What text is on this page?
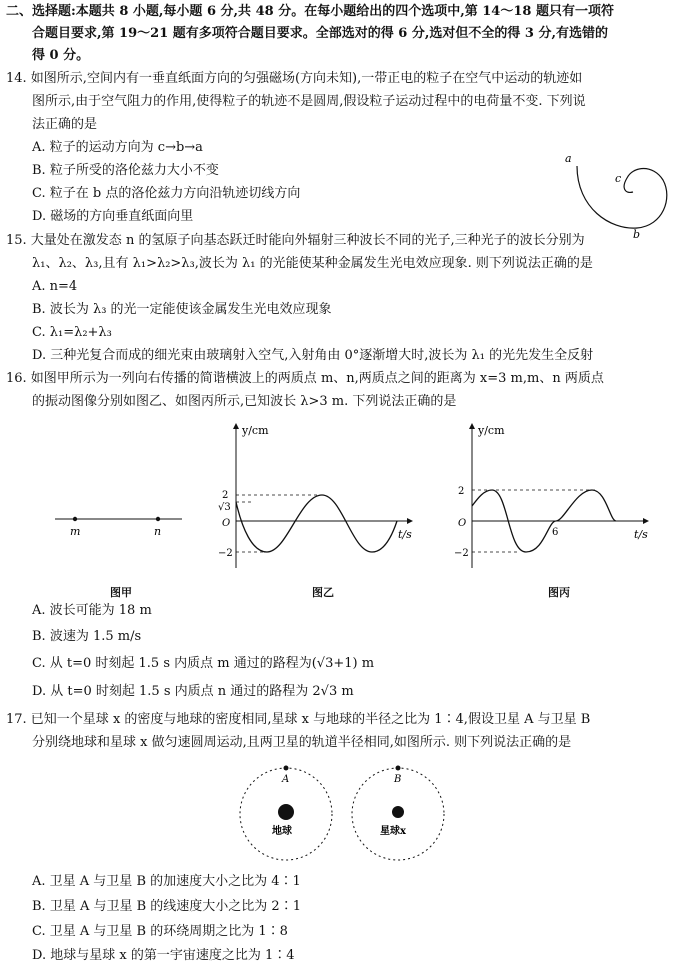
二、选择题:本题共 8 小题,每小题 6 分,共 48 分。在每小题给出的四个选项中,第 14～18 题只有一项符
合题目要求,第 19～21 题有多项符合题目要求。全部选对的得 6 分,选对但不全的得 3 分,有选错的
得 0 分。
14. 如图所示,空间内有一垂直纸面方向的匀强磁场(方向未知),一带正电的粒子在空气中运动的轨迹如
图所示,由于空气阻力的作用,使得粒子的轨迹不是圆周,假设粒子运动过程中的电荷量不变. 下列说
法正确的是
A. 粒子的运动方向为 c→b→a
B. 粒子所受的洛伦兹力大小不变
C. 粒子在 b 点的洛伦兹力方向沿轨迹切线方向
D. 磁场的方向垂直纸面向里
a
c
b
15. 大量处在激发态 n 的氢原子向基态跃迁时能向外辐射三种波长不同的光子,三种光子的波长分别为
λ₁、λ₂、λ₃,且有 λ₁>λ₂>λ₃,波长为 λ₁ 的光能使某种金属发生光电效应现象. 则下列说法正确的是
A. n=4
B. 波长为 λ₃ 的光一定能使该金属发生光电效应现象
C. λ₁=λ₂+λ₃
D. 三种光复合而成的细光束由玻璃射入空气,入射角由 0°逐渐增大时,波长为 λ₁ 的光先发生全反射
16. 如图甲所示为一列向右传播的简谐横波上的两质点 m、n,两质点之间的距离为 x=3 m,m、n 两质点
的振动图像分别如图乙、如图丙所示,已知波长 λ>3 m. 下列说法正确的是
m	n
图甲
y/cm
t/s
2
√3
O
−2
图乙
y/cm
t/s
2
O
−2
6
图丙
A. 波长可能为 18 m
B. 波速为 1.5 m/s
C. 从 t=0 时刻起 1.5 s 内质点 m 通过的路程为(√3+1) m
D. 从 t=0 时刻起 1.5 s 内质点 n 通过的路程为 2√3 m
17. 已知一个星球 x 的密度与地球的密度相同,星球 x 与地球的半径之比为 1∶4,假设卫星 A 与卫星 B
分别绕地球和星球 x 做匀速圆周运动,且两卫星的轨道半径相同,如图所示. 则下列说法正确的是
A
地球
B
星球x
A. 卫星 A 与卫星 B 的加速度大小之比为 4∶1
B. 卫星 A 与卫星 B 的线速度大小之比为 2∶1
C. 卫星 A 与卫星 B 的环绕周期之比为 1∶8
D. 地球与星球 x 的第一宇宙速度之比为 1∶4
